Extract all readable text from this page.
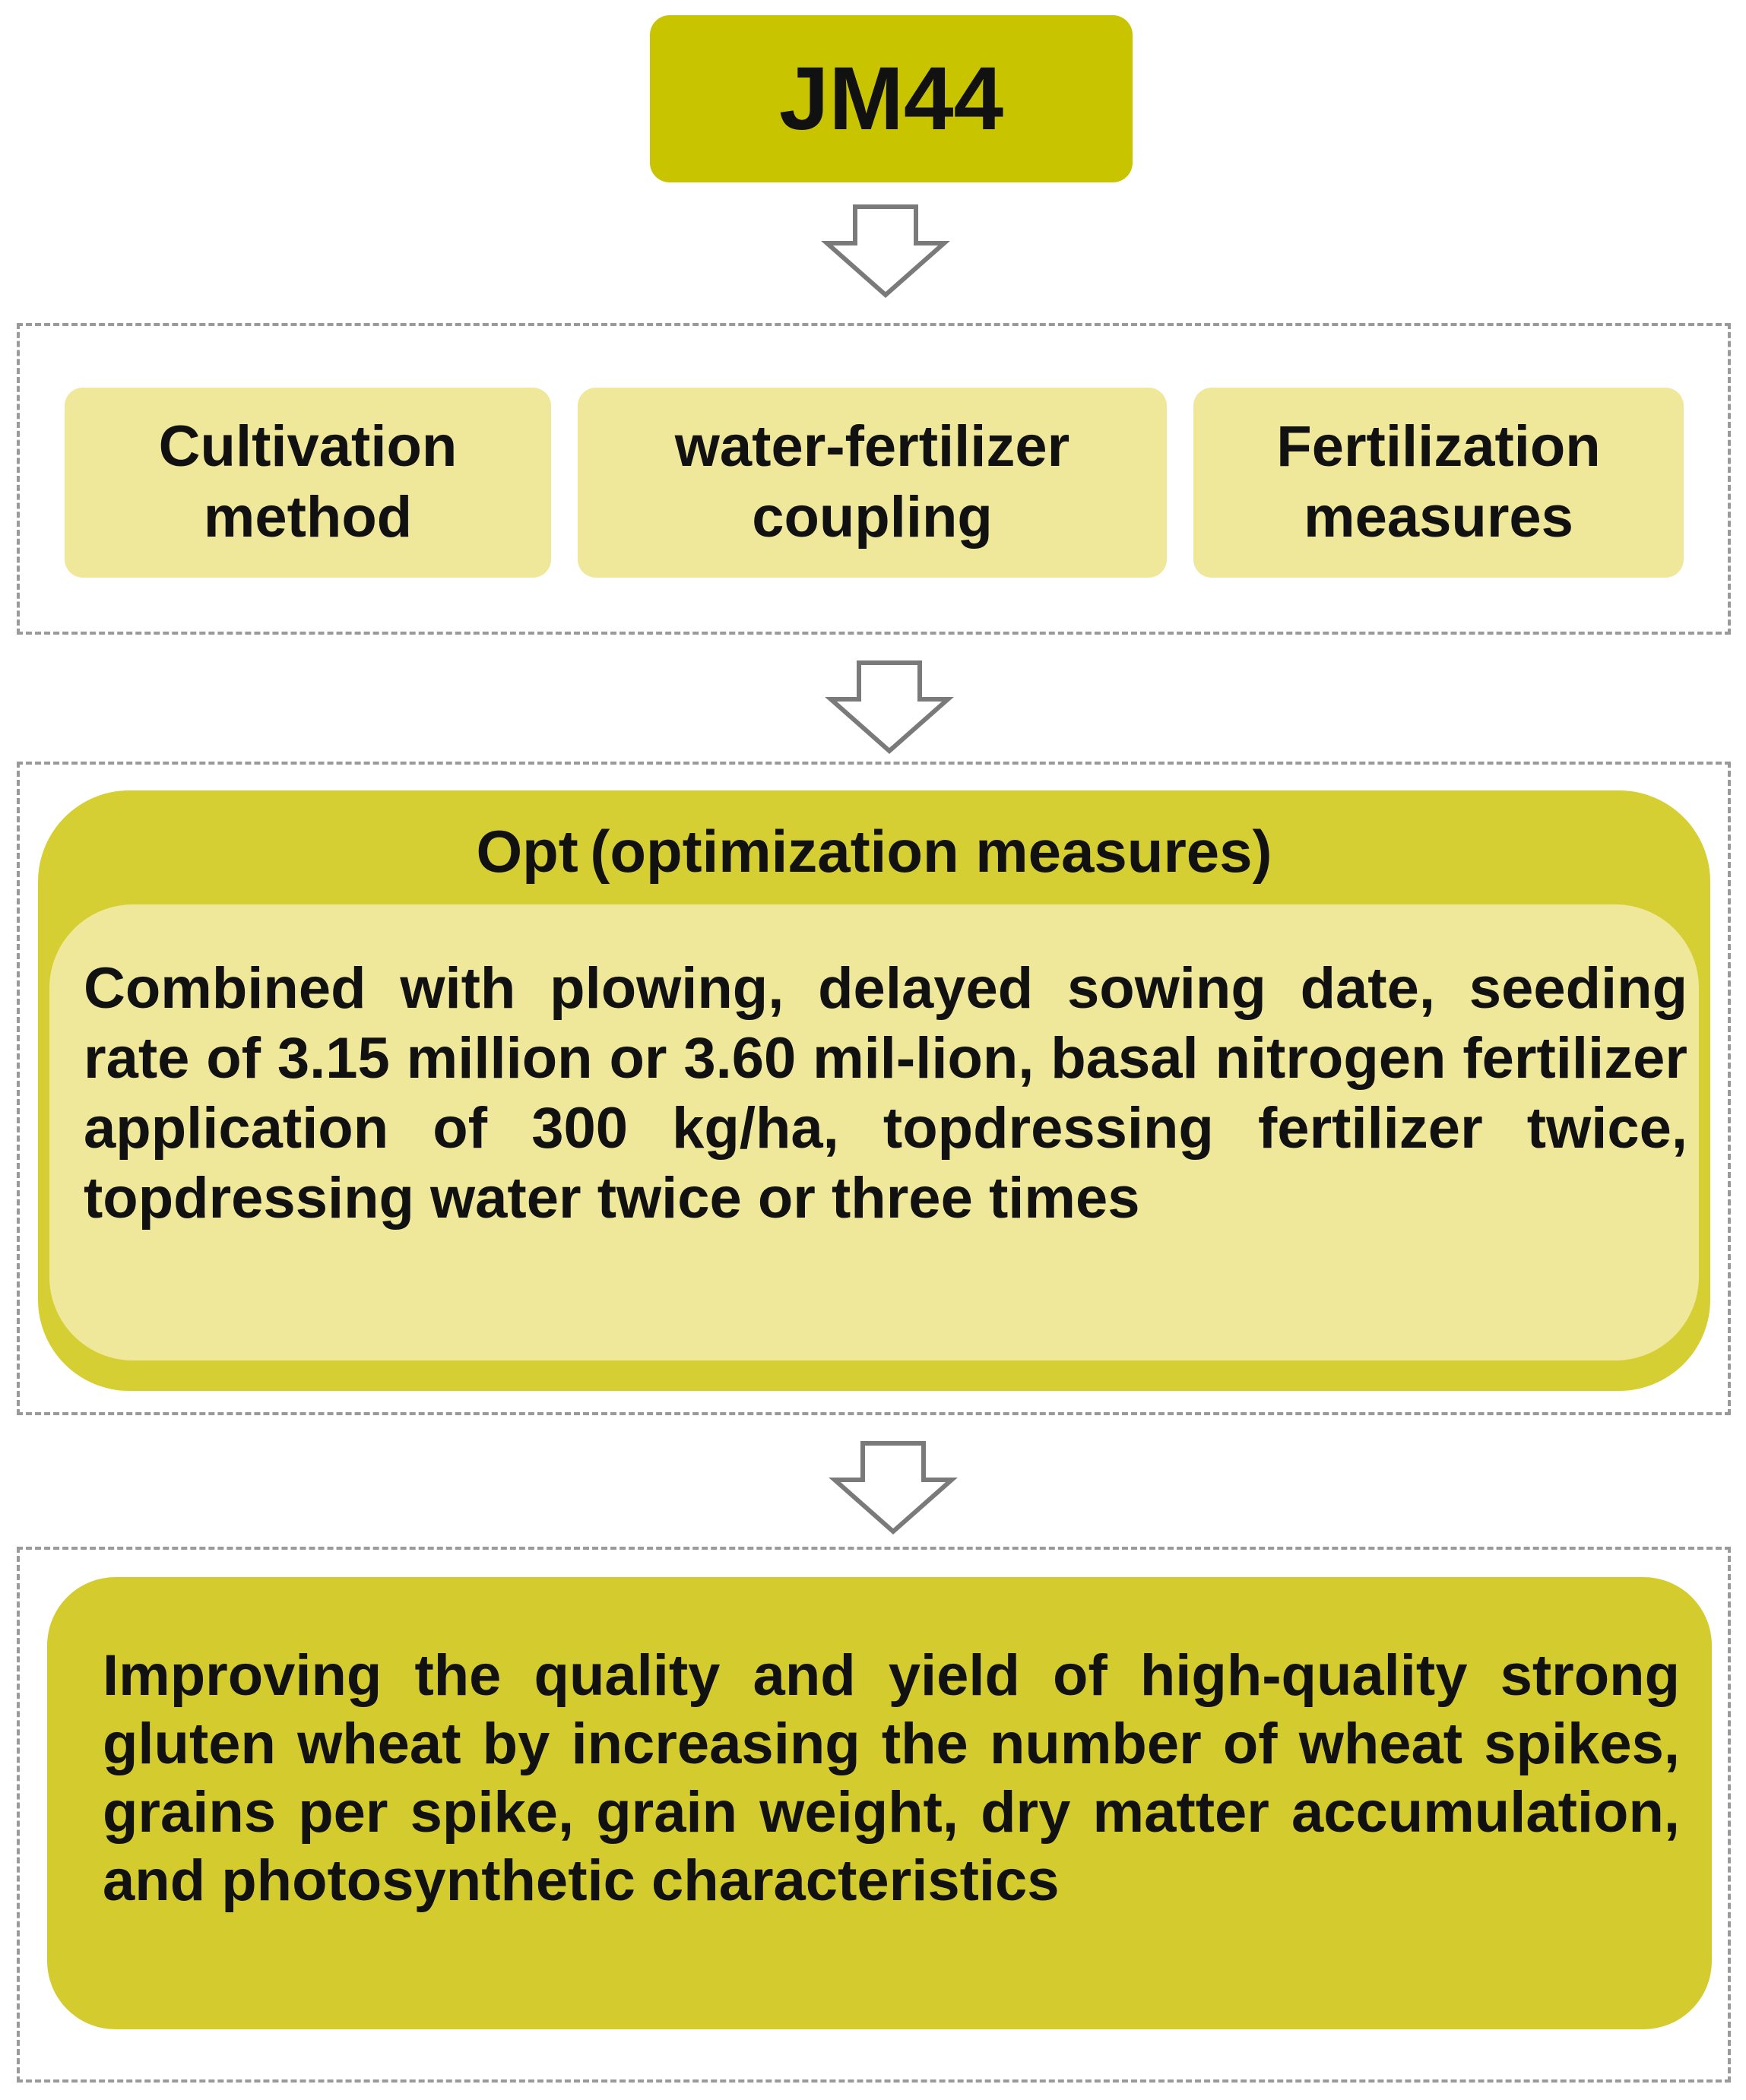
JM44
Cultivation method
water-fertilizer coupling
Fertilization measures
Opt (optimization measures)
Combined with plowing, delayed sowing date, seeding rate of 3.15 million or 3.60 mil-lion, basal nitrogen fertilizer application of 300 kg/ha, topdressing fertilizer twice, topdressing water twice or three times
Improving the quality and yield of high-quality strong gluten wheat by increasing the number of wheat spikes, grains per spike, grain weight, dry matter accumulation, and photosynthetic characteristics
